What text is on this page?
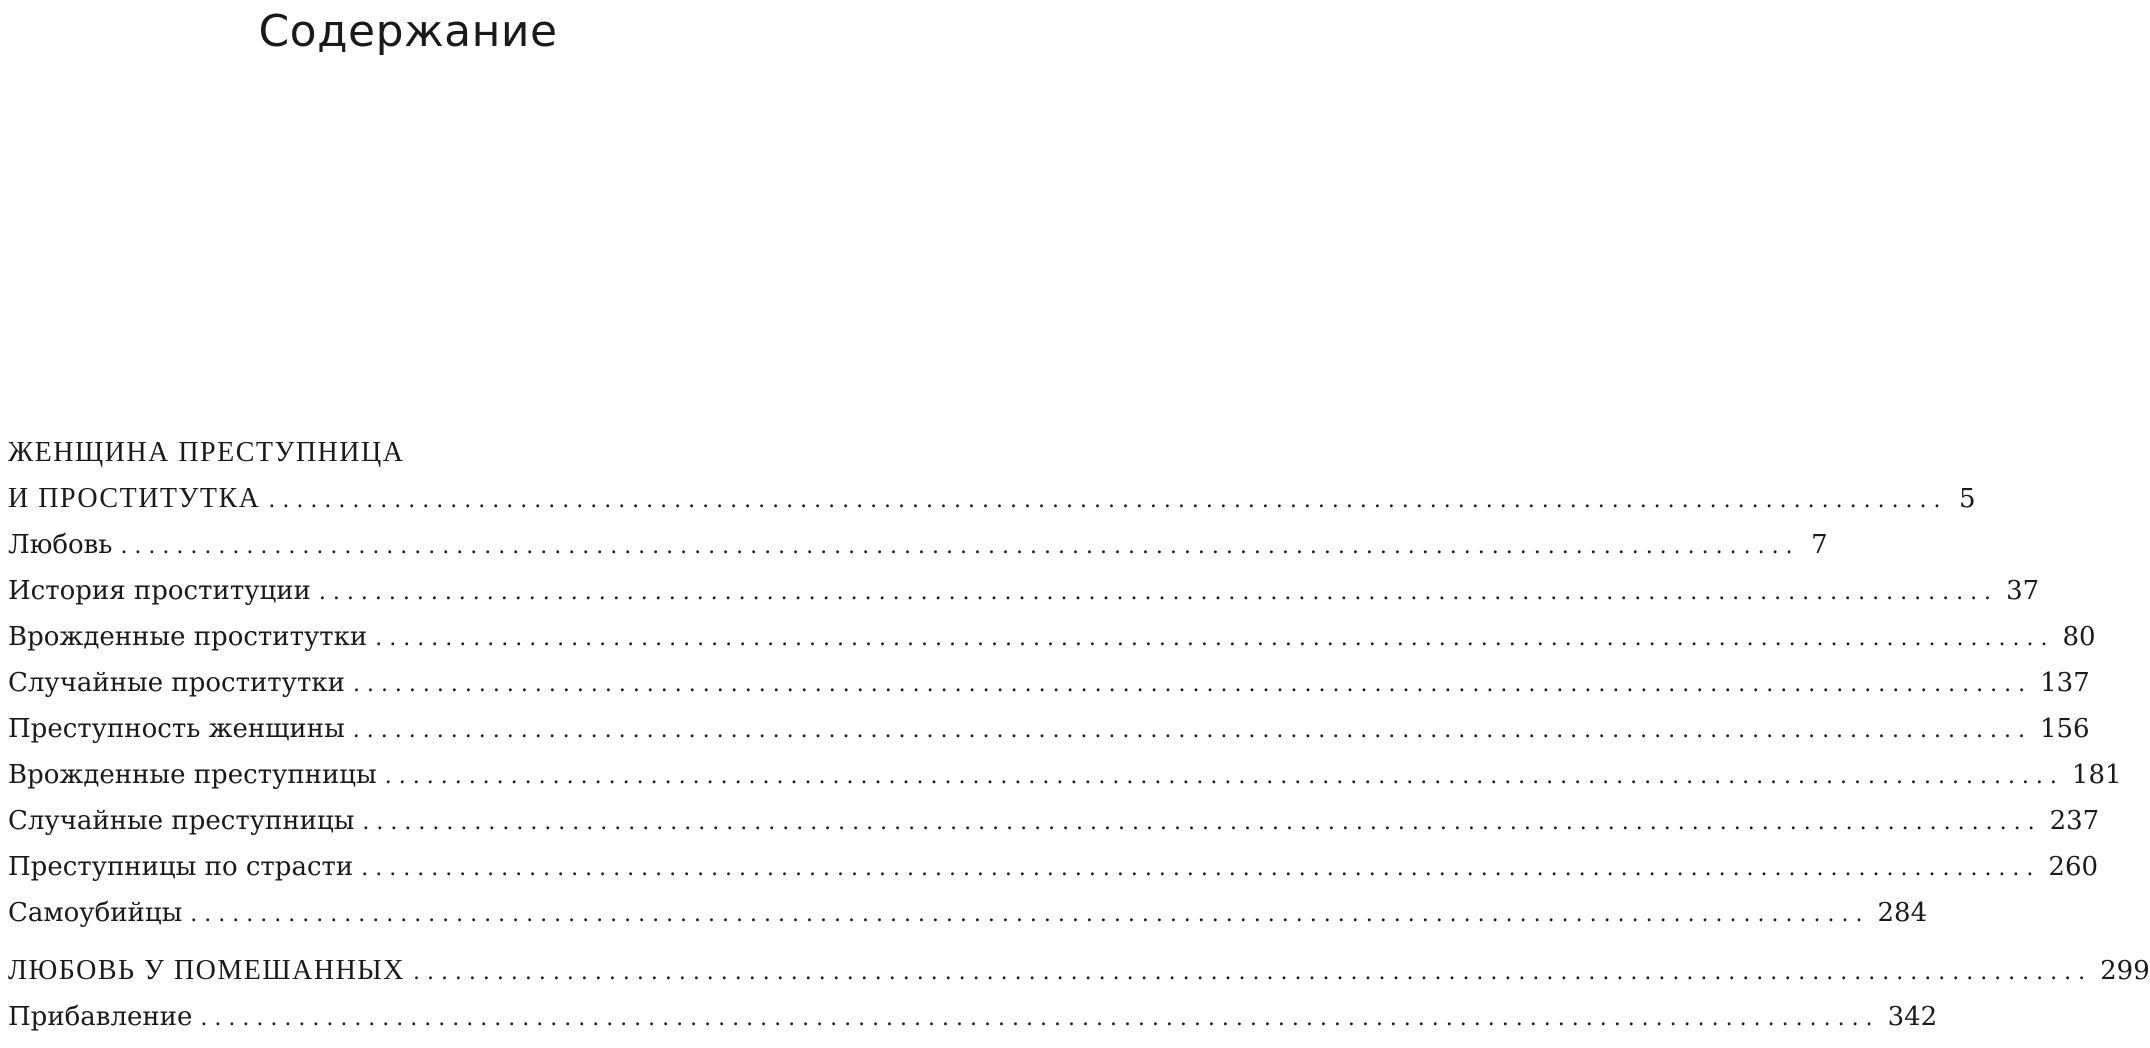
Содержание
ЖЕНЩИНА ПРЕСТУПНИЦА
И ПРОСТИТУТКА ........................................................................................................................ 5
Любовь ........................................................................................................................ 7
История проституции ........................................................................................................................ 37
Врожденные проститутки ........................................................................................................................ 80
Случайные проститутки ........................................................................................................................ 137
Преступность женщины ........................................................................................................................ 156
Врожденные преступницы ........................................................................................................................ 181
Случайные преступницы ........................................................................................................................ 237
Преступницы по страсти ........................................................................................................................ 260
Самоубийцы ........................................................................................................................ 284
ЛЮБОВЬ У ПОМЕШАННЫХ ........................................................................................................................ 299
Прибавление ........................................................................................................................ 342
